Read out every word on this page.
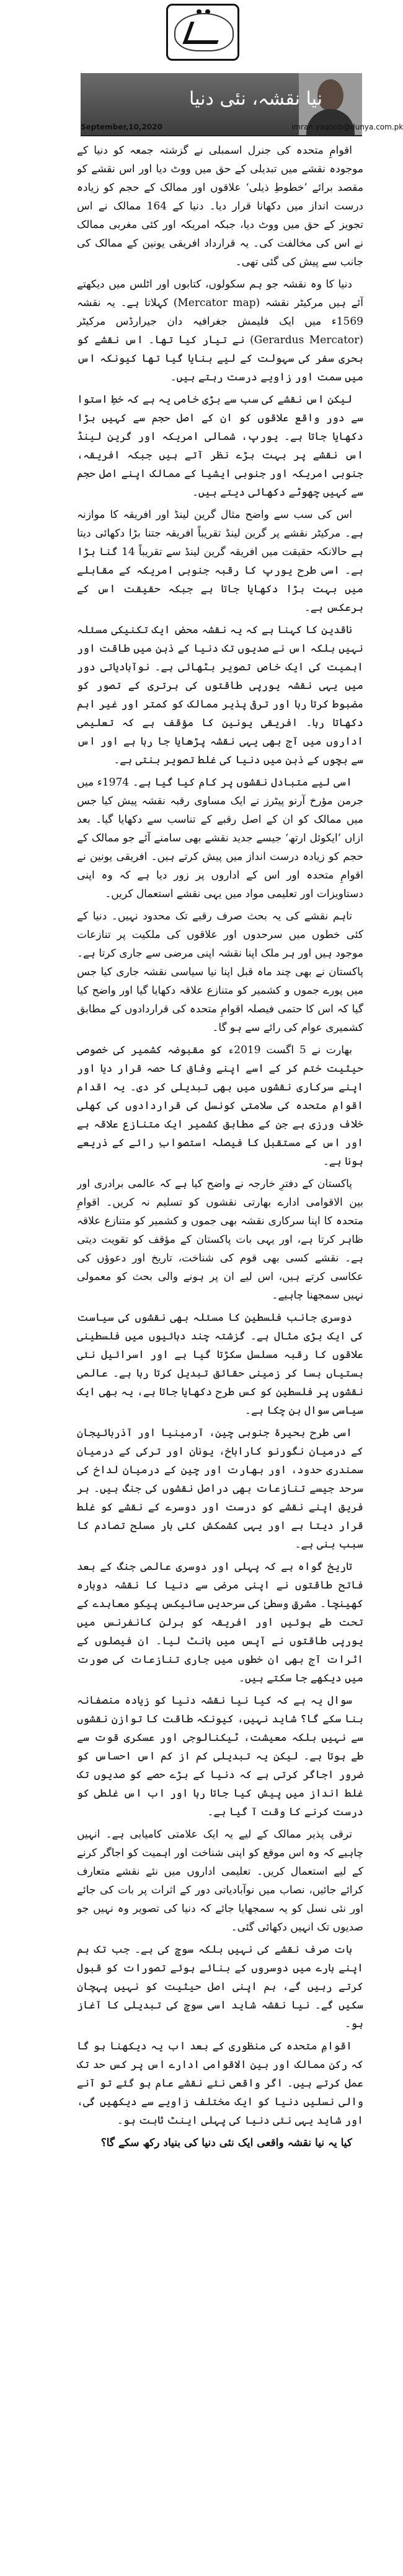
نیا نقشہ، نئی دنیا
September,10,2020	imran.yaqoob@dunya.com.pk

اقوامِ متحدہ کی جنرل اسمبلی نے گزشتہ جمعہ کو دنیا کے موجودہ نقشے میں تبدیلی کے حق میں ووٹ دیا اور اس نقشے کو مقصد برائے ’خطوطِ ذیلی‘ علاقوں اور ممالک کے حجم کو زیادہ درست انداز میں دکھانا قرار دیا۔ دنیا کے 164 ممالک نے اس تجویز کے حق میں ووٹ دیا، جبکہ امریکہ اور کئی مغربی ممالک نے اس کی مخالفت کی۔ یہ قرارداد افریقی یونین کے ممالک کی جانب سے پیش کی گئی تھی۔

دنیا کا وہ نقشہ جو ہم سکولوں، کتابوں اور اٹلس میں دیکھتے آئے ہیں مرکیٹر نقشہ (Mercator map) کہلاتا ہے۔ یہ نقشہ 1569ء میں ایک فلیمش جغرافیہ دان جیرارڈس مرکیٹر (Gerardus Mercator) نے تیار کیا تھا۔ اس نقشے کو بحری سفر کی سہولت کے لیے بنایا گیا تھا کیونکہ اس میں سمت اور زاویے درست رہتے ہیں۔

لیکن اس نقشے کی سب سے بڑی خامی یہ ہے کہ خطِ استوا سے دور واقع علاقوں کو ان کے اصل حجم سے کہیں بڑا دکھایا جاتا ہے۔ یورپ، شمالی امریکہ اور گرین لینڈ اس نقشے پر بہت بڑے نظر آتے ہیں جبکہ افریقہ، جنوبی امریکہ اور جنوبی ایشیا کے ممالک اپنے اصل حجم سے کہیں چھوٹے دکھائی دیتے ہیں۔

اس کی سب سے واضح مثال گرین لینڈ اور افریقہ کا موازنہ ہے۔ مرکیٹر نقشے پر گرین لینڈ تقریباً افریقہ جتنا بڑا دکھائی دیتا ہے حالانکہ حقیقت میں افریقہ گرین لینڈ سے تقریباً 14 گنا بڑا ہے۔ اسی طرح یورپ کا رقبہ جنوبی امریکہ کے مقابلے میں بہت بڑا دکھایا جاتا ہے جبکہ حقیقت اس کے برعکس ہے۔

ناقدین کا کہنا ہے کہ یہ نقشہ محض ایک تکنیکی مسئلہ نہیں بلکہ اس نے صدیوں تک دنیا کے ذہن میں طاقت اور اہمیت کی ایک خاص تصویر بٹھائی ہے۔ نوآبادیاتی دور میں یہی نقشہ یورپی طاقتوں کی برتری کے تصور کو مضبوط کرتا رہا اور ترقی پذیر ممالک کو کمتر اور غیر اہم دکھاتا رہا۔ افریقی یونین کا مؤقف ہے کہ تعلیمی اداروں میں آج بھی یہی نقشہ پڑھایا جا رہا ہے اور اس سے بچوں کے ذہن میں دنیا کی غلط تصویر بنتی ہے۔

اسی لیے متبادل نقشوں پر کام کیا گیا ہے۔ 1974ء میں جرمن مؤرخ آرنو پیٹرز نے ایک مساوی رقبہ نقشہ پیش کیا جس میں ممالک کو ان کے اصل رقبے کے تناسب سے دکھایا گیا۔ بعد ازاں ’ایکوئل ارتھ‘ جیسے جدید نقشے بھی سامنے آئے جو ممالک کے حجم کو زیادہ درست انداز میں پیش کرتے ہیں۔ افریقی یونین نے اقوامِ متحدہ اور اس کے اداروں پر زور دیا ہے کہ وہ اپنی دستاویزات اور تعلیمی مواد میں یہی نقشے استعمال کریں۔

تاہم نقشے کی یہ بحث صرف رقبے تک محدود نہیں۔ دنیا کے کئی خطوں میں سرحدوں اور علاقوں کی ملکیت پر تنازعات موجود ہیں اور ہر ملک اپنا نقشہ اپنی مرضی سے جاری کرتا ہے۔ پاکستان نے بھی چند ماہ قبل اپنا نیا سیاسی نقشہ جاری کیا جس میں پورے جموں و کشمیر کو متنازع علاقہ دکھایا گیا اور واضح کیا گیا کہ اس کا حتمی فیصلہ اقوامِ متحدہ کی قراردادوں کے مطابق کشمیری عوام کی رائے سے ہو گا۔

بھارت نے 5 اگست 2019ء کو مقبوضہ کشمیر کی خصوصی حیثیت ختم کر کے اسے اپنے وفاق کا حصہ قرار دیا اور اپنے سرکاری نقشوں میں بھی تبدیلی کر دی۔ یہ اقدام اقوامِ متحدہ کی سلامتی کونسل کی قراردادوں کی کھلی خلاف ورزی ہے جن کے مطابق کشمیر ایک متنازع علاقہ ہے اور اس کے مستقبل کا فیصلہ استصوابِ رائے کے ذریعے ہونا ہے۔

پاکستان کے دفترِ خارجہ نے واضح کیا ہے کہ عالمی برادری اور بین الاقوامی ادارے بھارتی نقشوں کو تسلیم نہ کریں۔ اقوامِ متحدہ کا اپنا سرکاری نقشہ بھی جموں و کشمیر کو متنازع علاقہ ظاہر کرتا ہے، اور یہی بات پاکستان کے مؤقف کو تقویت دیتی ہے۔ نقشے کسی بھی قوم کی شناخت، تاریخ اور دعوؤں کی عکاسی کرتے ہیں، اس لیے ان پر ہونے والی بحث کو معمولی نہیں سمجھنا چاہیے۔

دوسری جانب فلسطین کا مسئلہ بھی نقشوں کی سیاست کی ایک بڑی مثال ہے۔ گزشتہ چند دہائیوں میں فلسطینی علاقوں کا رقبہ مسلسل سکڑتا گیا ہے اور اسرائیل نئی بستیاں بسا کر زمینی حقائق تبدیل کرتا رہا ہے۔ عالمی نقشوں پر فلسطین کو کس طرح دکھایا جاتا ہے، یہ بھی ایک سیاسی سوال بن چکا ہے۔

اسی طرح بحیرۂ جنوبی چین، آرمینیا اور آذربائیجان کے درمیان نگورنو کاراباخ، یونان اور ترکی کے درمیان سمندری حدود، اور بھارت اور چین کے درمیان لداخ کی سرحد جیسے تنازعات بھی دراصل نقشوں کی جنگ ہیں۔ ہر فریق اپنے نقشے کو درست اور دوسرے کے نقشے کو غلط قرار دیتا ہے اور یہی کشمکش کئی بار مسلح تصادم کا سبب بنی ہے۔

تاریخ گواہ ہے کہ پہلی اور دوسری عالمی جنگ کے بعد فاتح طاقتوں نے اپنی مرضی سے دنیا کا نقشہ دوبارہ کھینچا۔ مشرقِ وسطیٰ کی سرحدیں سائیکس پیکو معاہدے کے تحت طے ہوئیں اور افریقہ کو برلن کانفرنس میں یورپی طاقتوں نے آپس میں بانٹ لیا۔ ان فیصلوں کے اثرات آج بھی ان خطوں میں جاری تنازعات کی صورت میں دیکھے جا سکتے ہیں۔

سوال یہ ہے کہ کیا نیا نقشہ دنیا کو زیادہ منصفانہ بنا سکے گا؟ شاید نہیں، کیونکہ طاقت کا توازن نقشوں سے نہیں بلکہ معیشت، ٹیکنالوجی اور عسکری قوت سے طے ہوتا ہے۔ لیکن یہ تبدیلی کم از کم اس احساس کو ضرور اجاگر کرتی ہے کہ دنیا کے بڑے حصے کو صدیوں تک غلط انداز میں پیش کیا جاتا رہا اور اب اس غلطی کو درست کرنے کا وقت آ گیا ہے۔

ترقی پذیر ممالک کے لیے یہ ایک علامتی کامیابی ہے۔ انہیں چاہیے کہ وہ اس موقع کو اپنی شناخت اور اہمیت کو اجاگر کرنے کے لیے استعمال کریں۔ تعلیمی اداروں میں نئے نقشے متعارف کرائے جائیں، نصاب میں نوآبادیاتی دور کے اثرات پر بات کی جائے اور نئی نسل کو یہ سمجھایا جائے کہ دنیا کی تصویر وہ نہیں جو صدیوں تک انہیں دکھائی گئی۔

بات صرف نقشے کی نہیں بلکہ سوچ کی ہے۔ جب تک ہم اپنے بارے میں دوسروں کے بنائے ہوئے تصورات کو قبول کرتے رہیں گے، ہم اپنی اصل حیثیت کو نہیں پہچان سکیں گے۔ نیا نقشہ شاید اسی سوچ کی تبدیلی کا آغاز ہو۔

اقوامِ متحدہ کی منظوری کے بعد اب یہ دیکھنا ہو گا کہ رکن ممالک اور بین الاقوامی ادارے اس پر کس حد تک عمل کرتے ہیں۔ اگر واقعی نئے نقشے عام ہو گئے تو آنے والی نسلیں دنیا کو ایک مختلف زاویے سے دیکھیں گی، اور شاید یہی نئی دنیا کی پہلی اینٹ ثابت ہو۔

کیا یہ نیا نقشہ واقعی ایک نئی دنیا کی بنیاد رکھ سکے گا؟
